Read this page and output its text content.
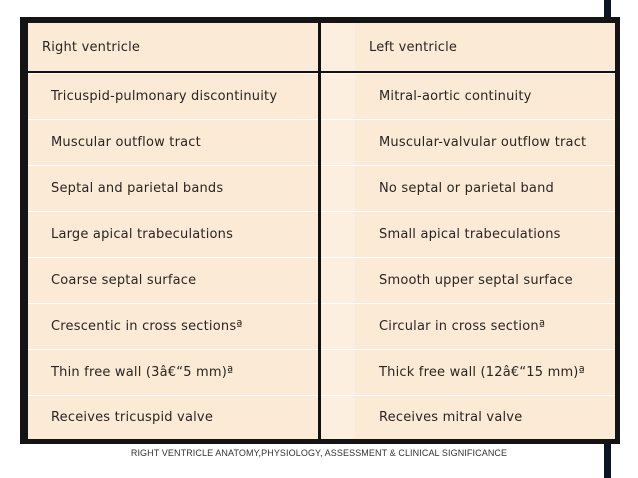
Right ventricle	Left ventricle
Tricuspid-pulmonary discontinuity	Mitral-aortic continuity
Muscular outflow tract	Muscular-valvular outflow tract
Septal and parietal bands	No septal or parietal band
Large apical trabeculations	Small apical trabeculations
Coarse septal surface	Smooth upper septal surface
Crescentic in cross sectionsª	Circular in cross sectionª
Thin free wall (3â€“5 mm)ª	Thick free wall (12â€“15 mm)ª
Receives tricuspid valve	Receives mitral valve
RIGHT VENTRICLE ANATOMY,PHYSIOLOGY, ASSESSMENT & CLINICAL SIGNIFICANCE
